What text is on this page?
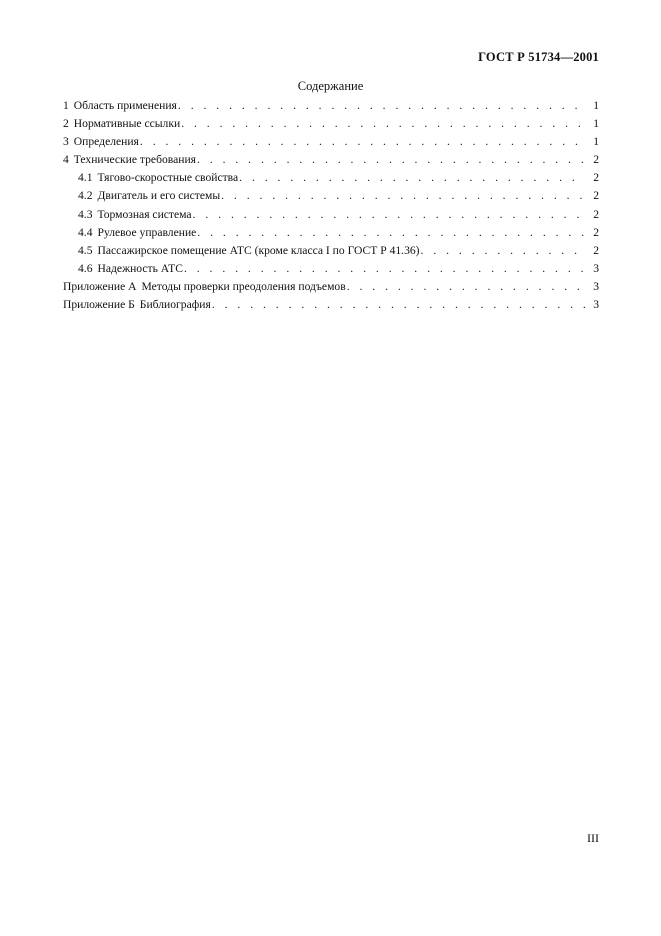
ГОСТ Р 51734—2001
Содержание
1 Область применения . . .	1
2 Нормативные ссылки . . .	1
3 Определения . . .	1
4 Технические требования . . .	2
4.1 Тягово-скоростные свойства . . .	2
4.2 Двигатель и его системы . . .	2
4.3 Тормозная система . . .	2
4.4 Рулевое управление . . .	2
4.5 Пассажирское помещение АТС (кроме класса I по ГОСТ Р 41.36) . . .	2
4.6 Надежность АТС . . .	3
Приложение А Методы проверки преодоления подъемов . . .	3
Приложение Б Библиография . . .	3
III
